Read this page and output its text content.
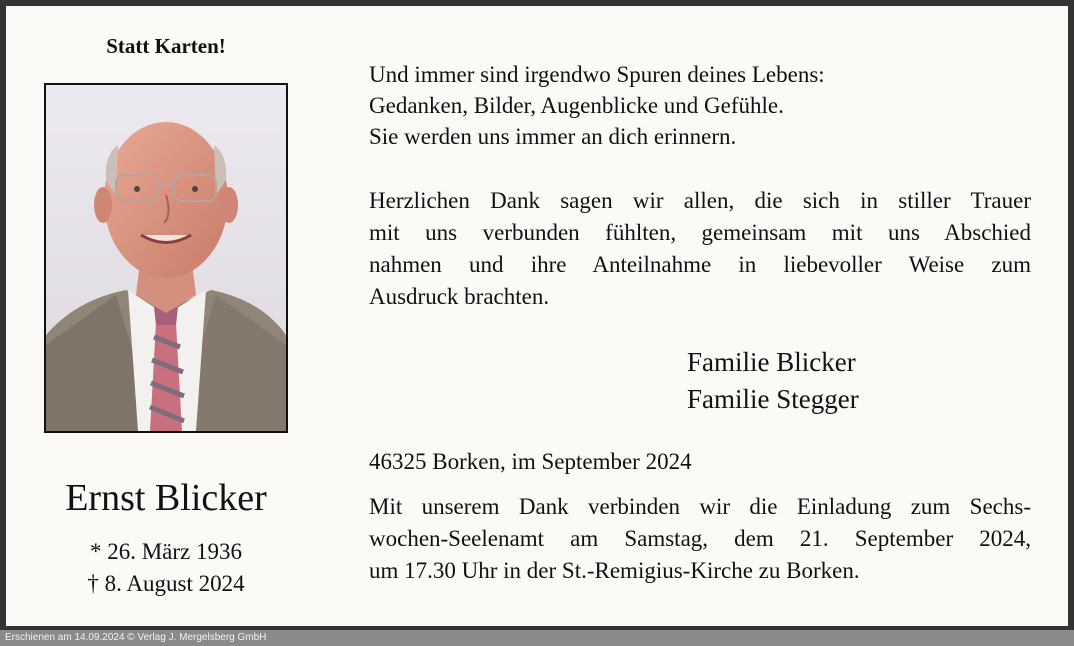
Statt Karten!
Ernst Blicker
* 26. März 1936
† 8. August 2024
Und immer sind irgendwo Spuren deines Lebens:
Gedanken, Bilder, Augenblicke und Gefühle.
Sie werden uns immer an dich erinnern.
Herzlichen Dank sagen wir allen, die sich in stiller Trauer
mit uns verbunden fühlten, gemeinsam mit uns Abschied
nahmen und ihre Anteilnahme in liebevoller Weise zum
Ausdruck brachten.
Familie Blicker
Familie Stegger
46325 Borken, im September 2024
Mit unserem Dank verbinden wir die Einladung zum Sechs-
wochen-Seelenamt am Samstag, dem 21. September 2024,
um 17.30 Uhr in der St.-Remigius-Kirche zu Borken.
Erschienen am 14.09.2024 © Verlag J. Mergelsberg GmbH
